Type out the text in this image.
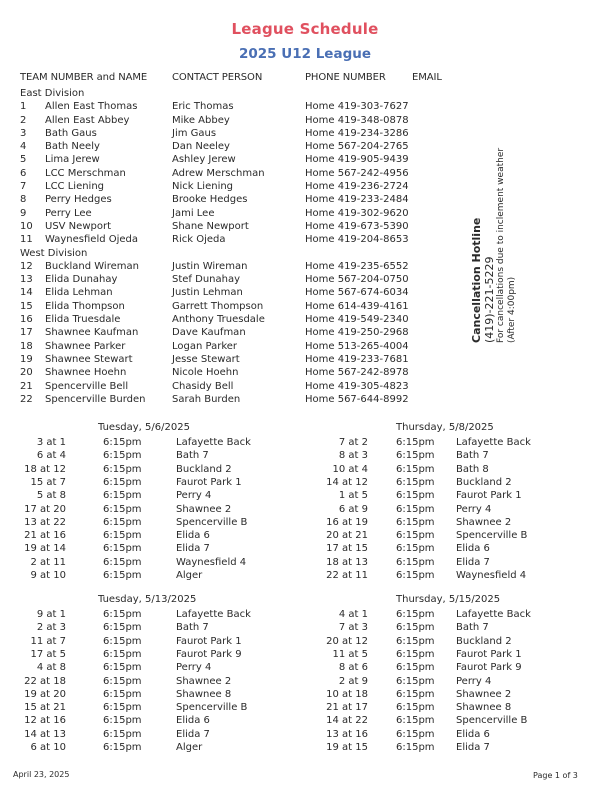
League Schedule
2025 U12 League
TEAM NUMBER and NAME CONTACT PERSON	PHONE NUMBER	EMAIL
East Division
1 Allen East Thomas	Eric Thomas	Home 419-303-7627
2 Allen East Abbey	Mike Abbey	Home 419-348-0878
3 Bath Gaus	Jim Gaus	Home 419-234-3286
4 Bath Neely	Dan Neeley	Home 567-204-2765
5 Lima Jerew	Ashley Jerew	Home 419-905-9439
6 LCC Merschman	Adrew Merschman	Home 567-242-4956
7 LCC Liening	Nick Liening	Home 419-236-2724
8 Perry Hedges	Brooke Hedges	Home 419-233-2484
9 Perry Lee	Jami Lee	Home 419-302-9620
10 USV Newport	Shane Newport	Home 419-673-5390
11 Waynesfield Ojeda	Rick Ojeda	Home 419-204-8653
West Division
12 Buckland Wireman	Justin Wireman	Home 419-235-6552
13 Elida Dunahay	Stef Dunahay	Home 567-204-0750
14 Elida Lehman	Justin Lehman	Home 567-674-6034
15 Elida Thompson	Garrett Thompson	Home 614-439-4161
16 Elida Truesdale	Anthony Truesdale	Home 419-549-2340
17 Shawnee Kaufman	Dave Kaufman	Home 419-250-2968
18 Shawnee Parker	Logan Parker	Home 513-265-4004
19 Shawnee Stewart	Jesse Stewart	Home 419-233-7681
20 Shawnee Hoehn	Nicole Hoehn	Home 567-242-8978
21 Spencerville Bell	Chasidy Bell	Home 419-305-4823
22 Spencerville Burden	Sarah Burden	Home 567-644-8992
Cancellation Hotline (419)-221-5229 For cancellations due to inclement weather (After 4:00pm)
Tuesday, 5/6/2025
3 at 1	6:15pm	Lafayette Back
6 at 4	6:15pm	Bath 7
18 at 12	6:15pm	Buckland 2
15 at 7	6:15pm	Faurot Park 1
5 at 8	6:15pm	Perry 4
17 at 20	6:15pm	Shawnee 2
13 at 22	6:15pm	Spencerville B
21 at 16	6:15pm	Elida 6
19 at 14	6:15pm	Elida 7
2 at 11	6:15pm	Waynesfield 4
9 at 10	6:15pm	Alger
Thursday, 5/8/2025
7 at 2	6:15pm Lafayette Back
8 at 3	6:15pm Bath 7
10 at 4	6:15pm Bath 8
14 at 12	6:15pm Buckland 2
1 at 5	6:15pm Faurot Park 1
6 at 9	6:15pm Perry 4
16 at 19	6:15pm Shawnee 2
20 at 21	6:15pm Spencerville B
17 at 15	6:15pm Elida 6
18 at 13	6:15pm Elida 7
22 at 11	6:15pm Waynesfield 4
Tuesday, 5/13/2025
9 at 1	6:15pm	Lafayette Back
2 at 3	6:15pm	Bath 7
11 at 7	6:15pm	Faurot Park 1
17 at 5	6:15pm	Faurot Park 9
4 at 8	6:15pm	Perry 4
22 at 18	6:15pm	Shawnee 2
19 at 20	6:15pm	Shawnee 8
15 at 21	6:15pm	Spencerville B
12 at 16	6:15pm	Elida 6
14 at 13	6:15pm	Elida 7
6 at 10	6:15pm	Alger
Thursday, 5/15/2025
4 at 1	6:15pm Lafayette Back
7 at 3	6:15pm Bath 7
20 at 12	6:15pm Buckland 2
11 at 5	6:15pm Faurot Park 1
8 at 6	6:15pm Faurot Park 9
2 at 9	6:15pm Perry 4
10 at 18	6:15pm Shawnee 2
21 at 17	6:15pm Shawnee 8
14 at 22	6:15pm Spencerville B
13 at 16	6:15pm Elida 6
19 at 15	6:15pm Elida 7
April 23, 2025	Page 1 of 3
